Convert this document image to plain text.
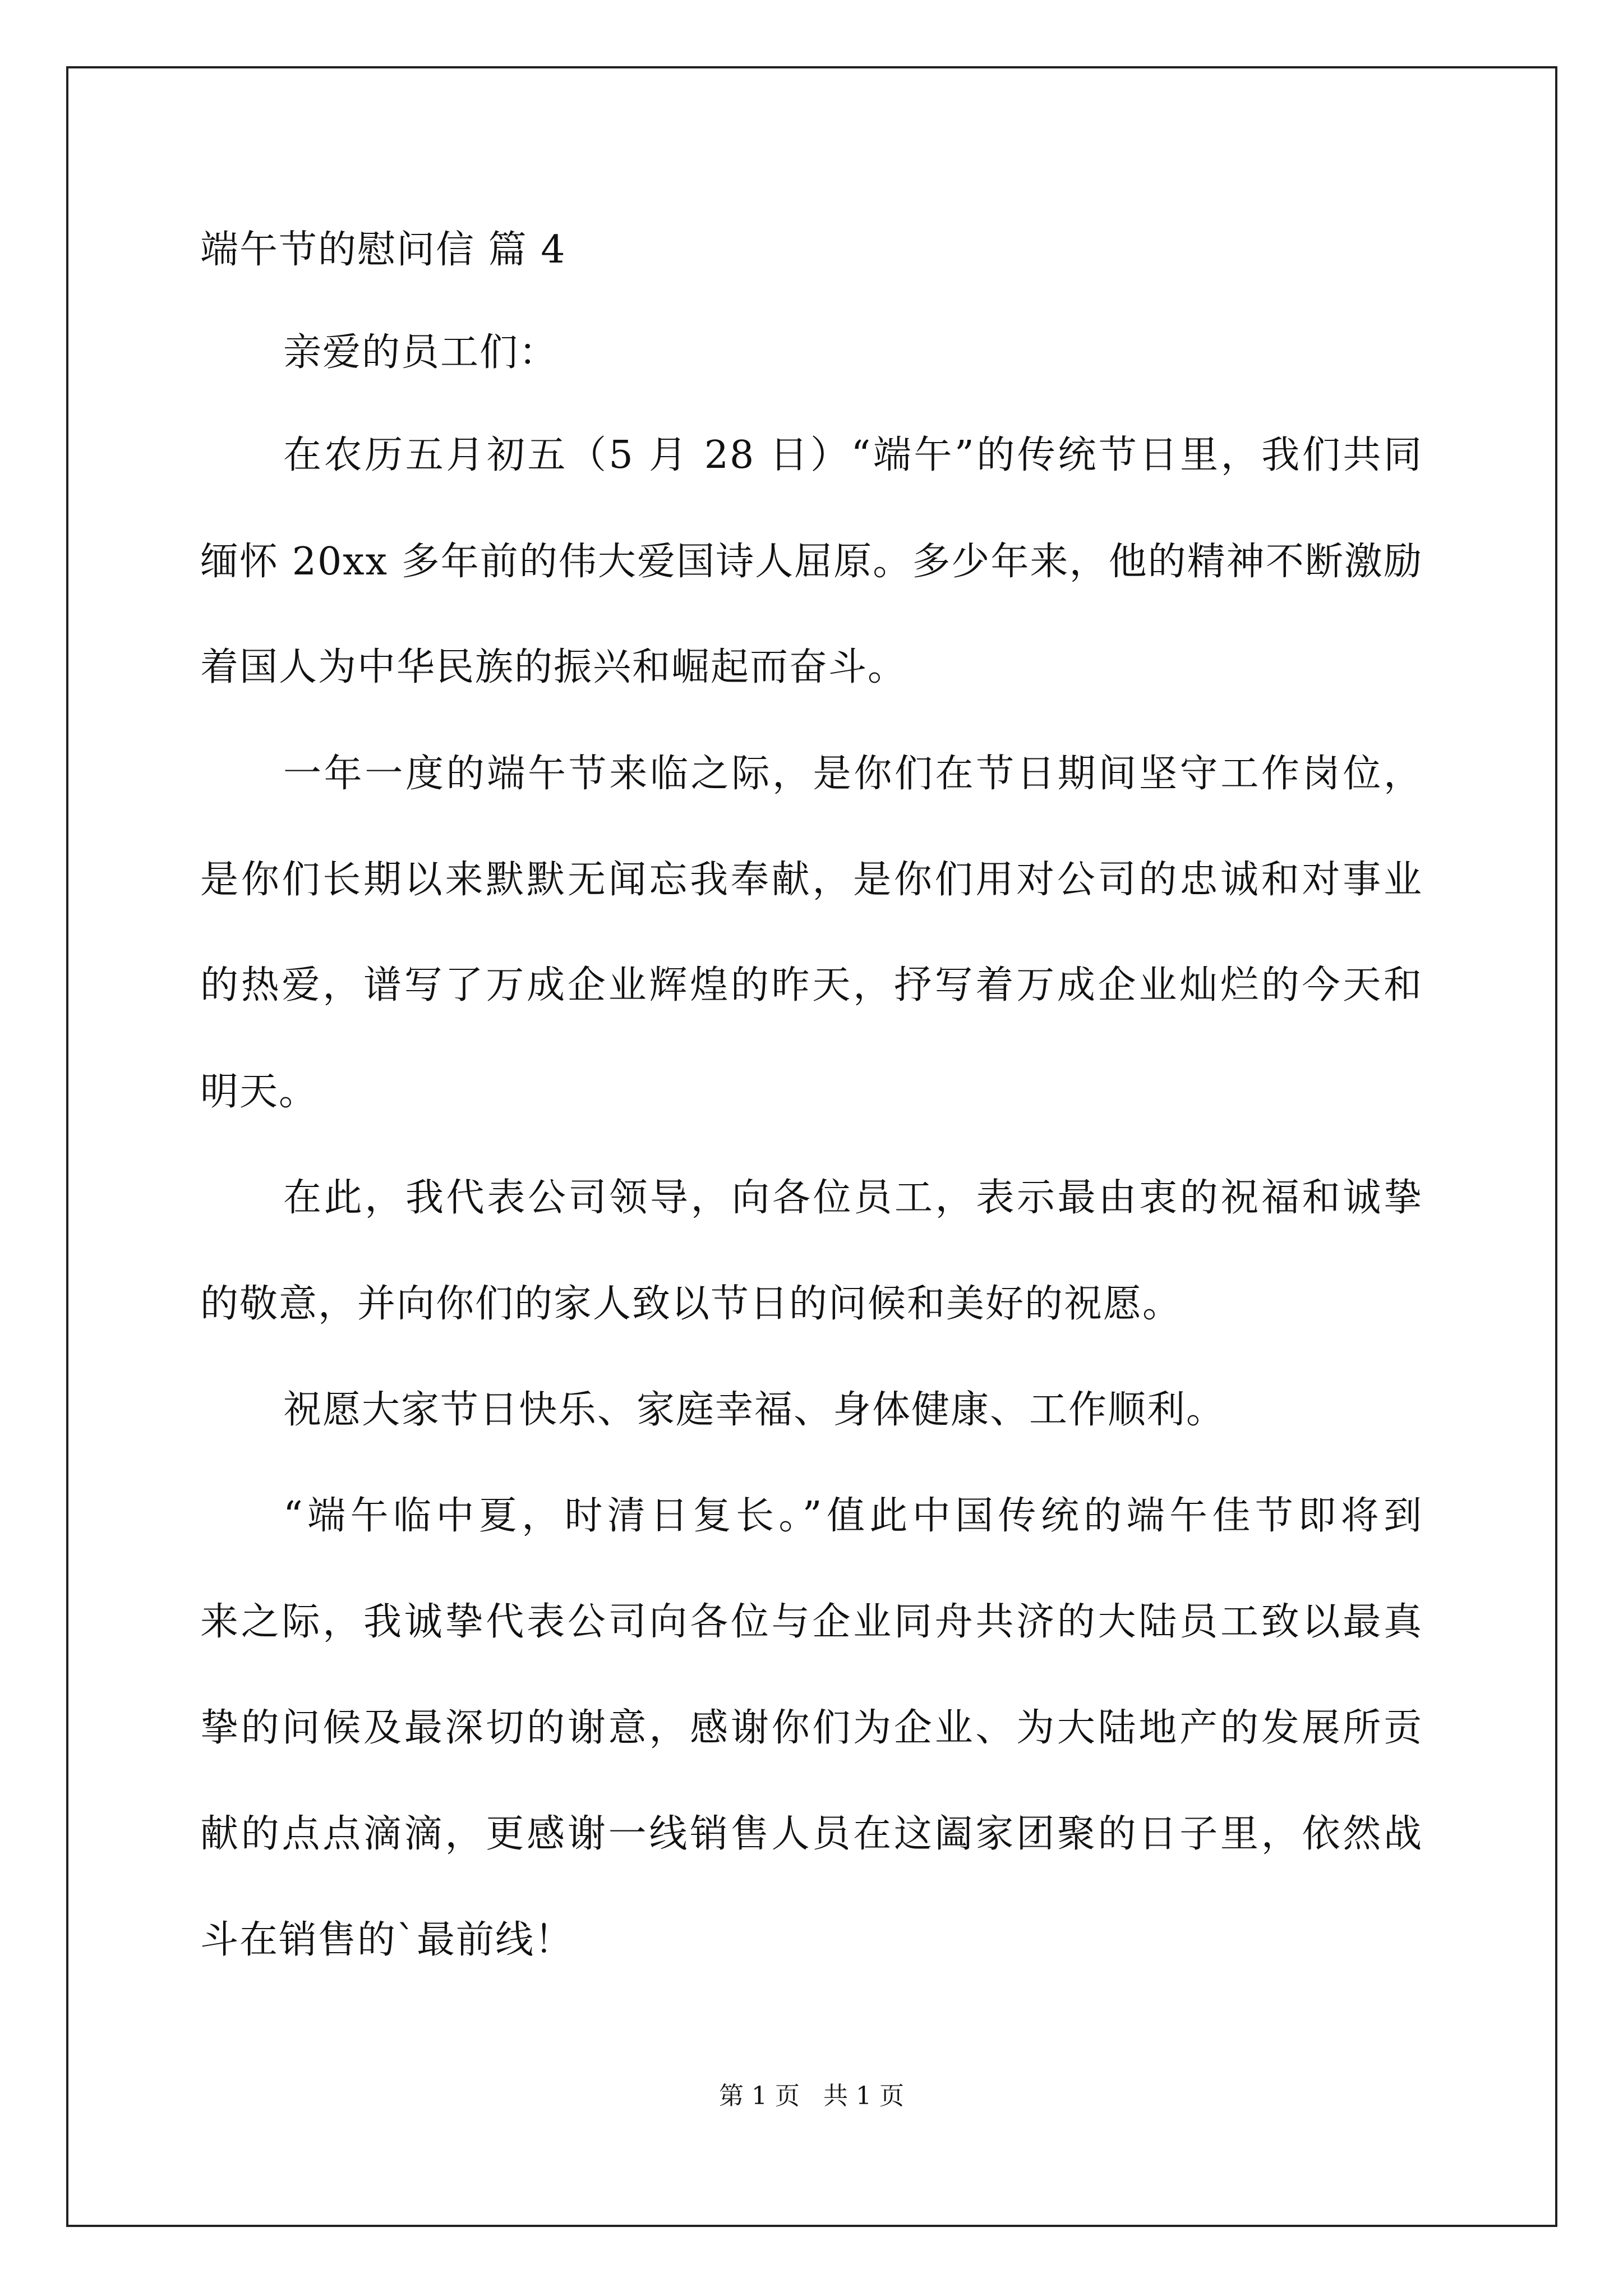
端午节的慰问信 篇 4
亲爱的员工们：
在农历五月初五（5 月 28 日）“端午”的传统节日里，我们共同
缅怀 20xx 多年前的伟大爱国诗人屈原。多少年来，他的精神不断激励
着国人为中华民族的振兴和崛起而奋斗。
一年一度的端午节来临之际，是你们在节日期间坚守工作岗位，
是你们长期以来默默无闻忘我奉献，是你们用对公司的忠诚和对事业
的热爱，谱写了万成企业辉煌的昨天，抒写着万成企业灿烂的今天和
明天。
在此，我代表公司领导，向各位员工，表示最由衷的祝福和诚挚
的敬意，并向你们的家人致以节日的问候和美好的祝愿。
祝愿大家节日快乐、家庭幸福、身体健康、工作顺利。
“端午临中夏，时清日复长。”值此中国传统的端午佳节即将到
来之际，我诚挚代表公司向各位与企业同舟共济的大陆员工致以最真
挚的问候及最深切的谢意，感谢你们为企业、为大陆地产的发展所贡
献的点点滴滴，更感谢一线销售人员在这阖家团聚的日子里，依然战
斗在销售的`最前线！
第 1 页   共 1 页
